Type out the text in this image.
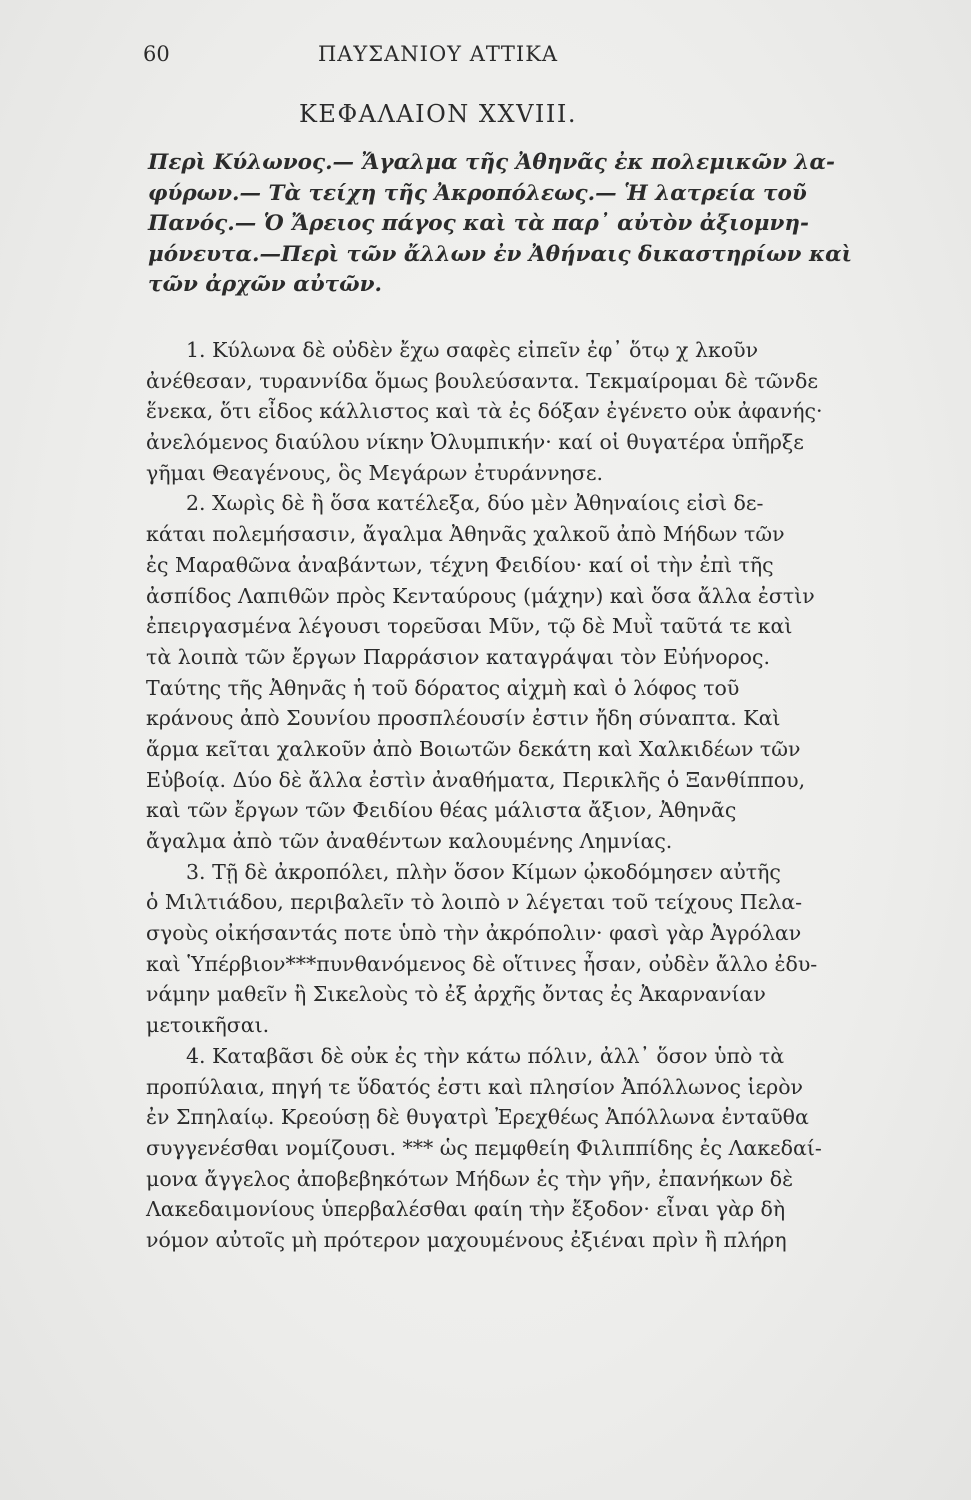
60	ΠΑΥΣΑΝΙΟΥ ΑΤΤΙΚΑ
ΚΕΦΑΛΑΙΟΝ XXVIII.
Περὶ Κύλωνος.— Ἄγαλμα τῆς Ἀθηνᾶς ἐκ πολεμικῶν λα-
φύρων.— Τὰ τείχη τῆς Ἀκροπόλεως.— Ἡ λατρεία τοῦ
Πανός.— Ὁ Ἄρειος πάγος καὶ τὰ παρ᾽ αὐτὸν ἀξιομνη-
μόνευτα.—Περὶ τῶν ἄλλων ἐν Ἀθήναις δικαστηρίων καὶ
τῶν ἀρχῶν αὐτῶν.
1. Κύλωνα δὲ οὐδὲν ἔχω σαφὲς εἰπεῖν ἐφ᾽ ὅτῳ χ λκοῦν
ἀνέθεσαν, τυραννίδα ὅμως βουλεύσαντα. Τεκμαίρομαι δὲ τῶνδε
ἕνεκα, ὅτι εἶδος κάλλιστος καὶ τὰ ἐς δόξαν ἐγένετο οὐκ ἀφανής·
ἀνελόμενος διαύλου νίκην Ὀλυμπικήν· καί οἱ θυγατέρα ὑπῆρξε
γῆμαι Θεαγένους, ὃς Μεγάρων ἐτυράννησε.
2. Χωρὶς δὲ ἢ ὅσα κατέλεξα, δύο μὲν Ἀθηναίοις εἰσὶ δε-
κάται πολεμήσασιν, ἄγαλμα Ἀθηνᾶς χαλκοῦ ἀπὸ Μήδων τῶν
ἐς Μαραθῶνα ἀναβάντων, τέχνη Φειδίου· καί οἱ τὴν ἐπὶ τῆς
ἀσπίδος Λαπιθῶν πρὸς Κενταύρους (μάχην) καὶ ὅσα ἄλλα ἐστὶν
ἐπειργασμένα λέγουσι τορεῦσαι Μῦν, τῷ δὲ Μυῒ ταῦτά τε καὶ
τὰ λοιπὰ τῶν ἔργων Παρράσιον καταγράψαι τὸν Εὐήνορος.
Ταύτης τῆς Ἀθηνᾶς ἡ τοῦ δόρατος αἰχμὴ καὶ ὁ λόφος τοῦ
κράνους ἀπὸ Σουνίου προσπλέουσίν ἐστιν ἤδη σύναπτα. Καὶ
ἅρμα κεῖται χαλκοῦν ἀπὸ Βοιωτῶν δεκάτη καὶ Χαλκιδέων τῶν
Εὐβοίᾳ. Δύο δὲ ἄλλα ἐστὶν ἀναθήματα, Περικλῆς ὁ Ξανθίππου,
καὶ τῶν ἔργων τῶν Φειδίου θέας μάλιστα ἄξιον, Ἀθηνᾶς
ἄγαλμα ἀπὸ τῶν ἀναθέντων καλουμένης Λημνίας.
3. Τῇ δὲ ἀκροπόλει, πλὴν ὅσον Κίμων ᾠκοδόμησεν αὐτῆς
ὁ Μιλτιάδου, περιβαλεῖν τὸ λοιπὸ ν λέγεται τοῦ τείχους Πελα-
σγοὺς οἰκήσαντάς ποτε ὑπὸ τὴν ἀκρόπολιν· φασὶ γὰρ Ἀγρόλαν
καὶ Ὑπέρβιον***πυνθανόμενος δὲ οἵτινες ἦσαν, οὐδὲν ἄλλο ἐδυ-
νάμην μαθεῖν ἢ Σικελοὺς τὸ ἐξ ἀρχῆς ὄντας ἐς Ἀκαρνανίαν
μετοικῆσαι.
4. Καταβᾶσι δὲ οὐκ ἐς τὴν κάτω πόλιν, ἀλλ᾽ ὅσον ὑπὸ τὰ
προπύλαια, πηγή τε ὕδατός ἐστι καὶ πλησίον Ἀπόλλωνος ἱερὸν
ἐν Σπηλαίῳ. Κρεούσῃ δὲ θυγατρὶ Ἐρεχθέως Ἀπόλλωνα ἐνταῦθα
συγγενέσθαι νομίζουσι. *** ὡς πεμφθείη Φιλιππίδης ἐς Λακεδαί-
μονα ἄγγελος ἀποβεβηκότων Μήδων ἐς τὴν γῆν, ἐπανήκων δὲ
Λακεδαιμονίους ὑπερβαλέσθαι φαίη τὴν ἔξοδον· εἶναι γὰρ δὴ
νόμον αὐτοῖς μὴ πρότερον μαχουμένους ἐξιέναι πρὶν ἢ πλήρη
